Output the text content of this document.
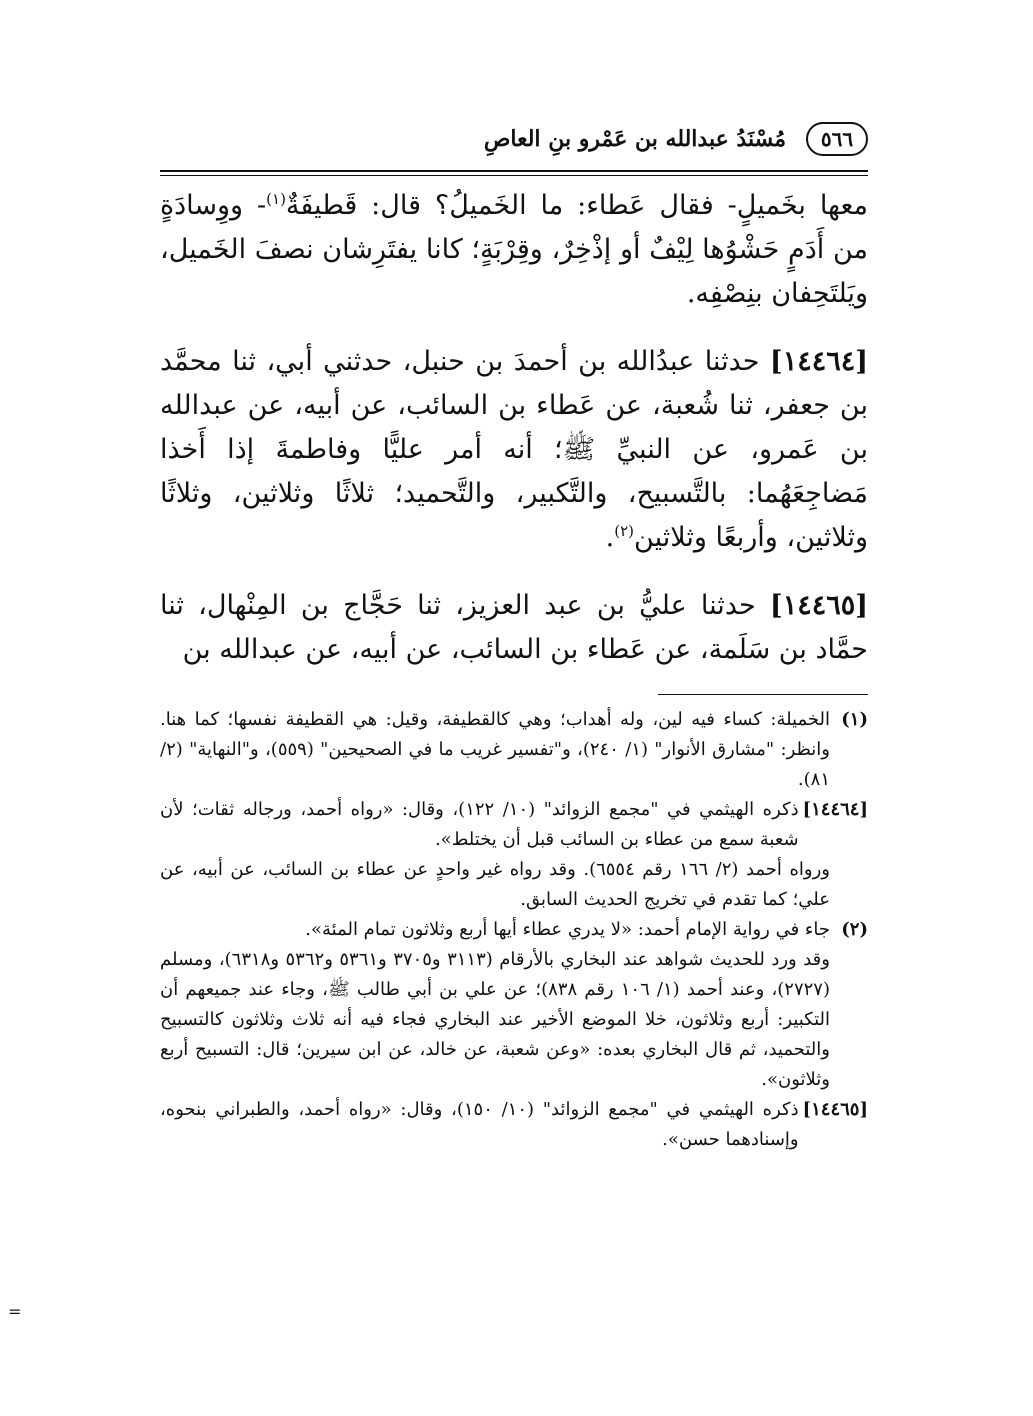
٥٦٦
مُسْنَدُ عبدالله بن عَمْرو بنِ العاصِ

معها بخَميلٍ- فقال عَطاء: ما الخَميلُ؟ قال: قَطيفَةٌ$^{(١)}$- ووِسادَةٍ من أَدَمٍ حَشْوُها لِيْفٌ أو إذْخِرٌ، وقِرْبَةٍ؛ كانا يفتَرِشان نصفَ الخَميل، ويَلتَحِفان بنِصْفِه.

[١٤٤٦٤] حدثنا عبدُالله بن أحمدَ بن حنبل، حدثني أبي، ثنا محمَّد بن جعفر، ثنا شُعبة، عن عَطاء بن السائب، عن أبيه، عن عبدالله بن عَمرو، عن النبيِّ ﷺ؛ أنه أمر عليًّا وفاطمةَ إذا أَخذا مَضاجِعَهُما: بالتَّسبيح، والتَّكبير، والتَّحميد؛ ثلاثًا وثلاثين، وثلاثًا وثلاثين، وأربعًا وثلاثين$^{(٢)}$.

[١٤٤٦٥] حدثنا عليُّ بن عبد العزيز، ثنا حَجَّاج بن المِنْهال، ثنا حمَّاد بن سَلَمة، عن عَطاء بن السائب، عن أبيه، عن عبدالله بن

(١)
الخميلة: كساء فيه لين، وله أهداب؛ وهي كالقطيفة، وقيل: هي القطيفة نفسها؛ كما هنا. وانظر: "مشارق الأنوار" (١/ ٢٤٠)، و"تفسير غريب ما في الصحيحين" (٥٥٩)، و"النهاية" (٢/ ٨١).
[١٤٤٦٤]
ذكره الهيثمي في "مجمع الزوائد" (١٠/ ١٢٢)، وقال: «رواه أحمد، ورجاله ثقات؛ لأن شعبة سمع من عطاء بن السائب قبل أن يختلط».
ورواه أحمد (٢/ ١٦٦ رقم ٦٥٥٤). وقد رواه غير واحدٍ عن عطاء بن السائب، عن أبيه، عن علي؛ كما تقدم في تخريج الحديث السابق.
(٢)
جاء في رواية الإمام أحمد: «لا يدري عطاء أيها أربع وثلاثون تمام المئة».
وقد ورد للحديث شواهد عند البخاري بالأرقام (٣١١٣ و٣٧٠٥ و٥٣٦١ و٥٣٦٢ و٦٣١٨)، ومسلم (٢٧٢٧)، وعند أحمد (١/ ١٠٦ رقم ٨٣٨)؛ عن علي بن أبي طالب ﷺ، وجاء عند جميعهم أن التكبير: أربع وثلاثون، خلا الموضع الأخير عند البخاري فجاء فيه أنه ثلاث وثلاثون كالتسبيح والتحميد، ثم قال البخاري بعده: «وعن شعبة، عن خالد، عن ابن سيرين؛ قال: التسبيح أربع وثلاثون».
[١٤٤٦٥]
ذكره الهيثمي في "مجمع الزوائد" (١٠/ ١٥٠)، وقال: «رواه أحمد، والطبراني بنحوه، وإسنادهما حسن».
=
